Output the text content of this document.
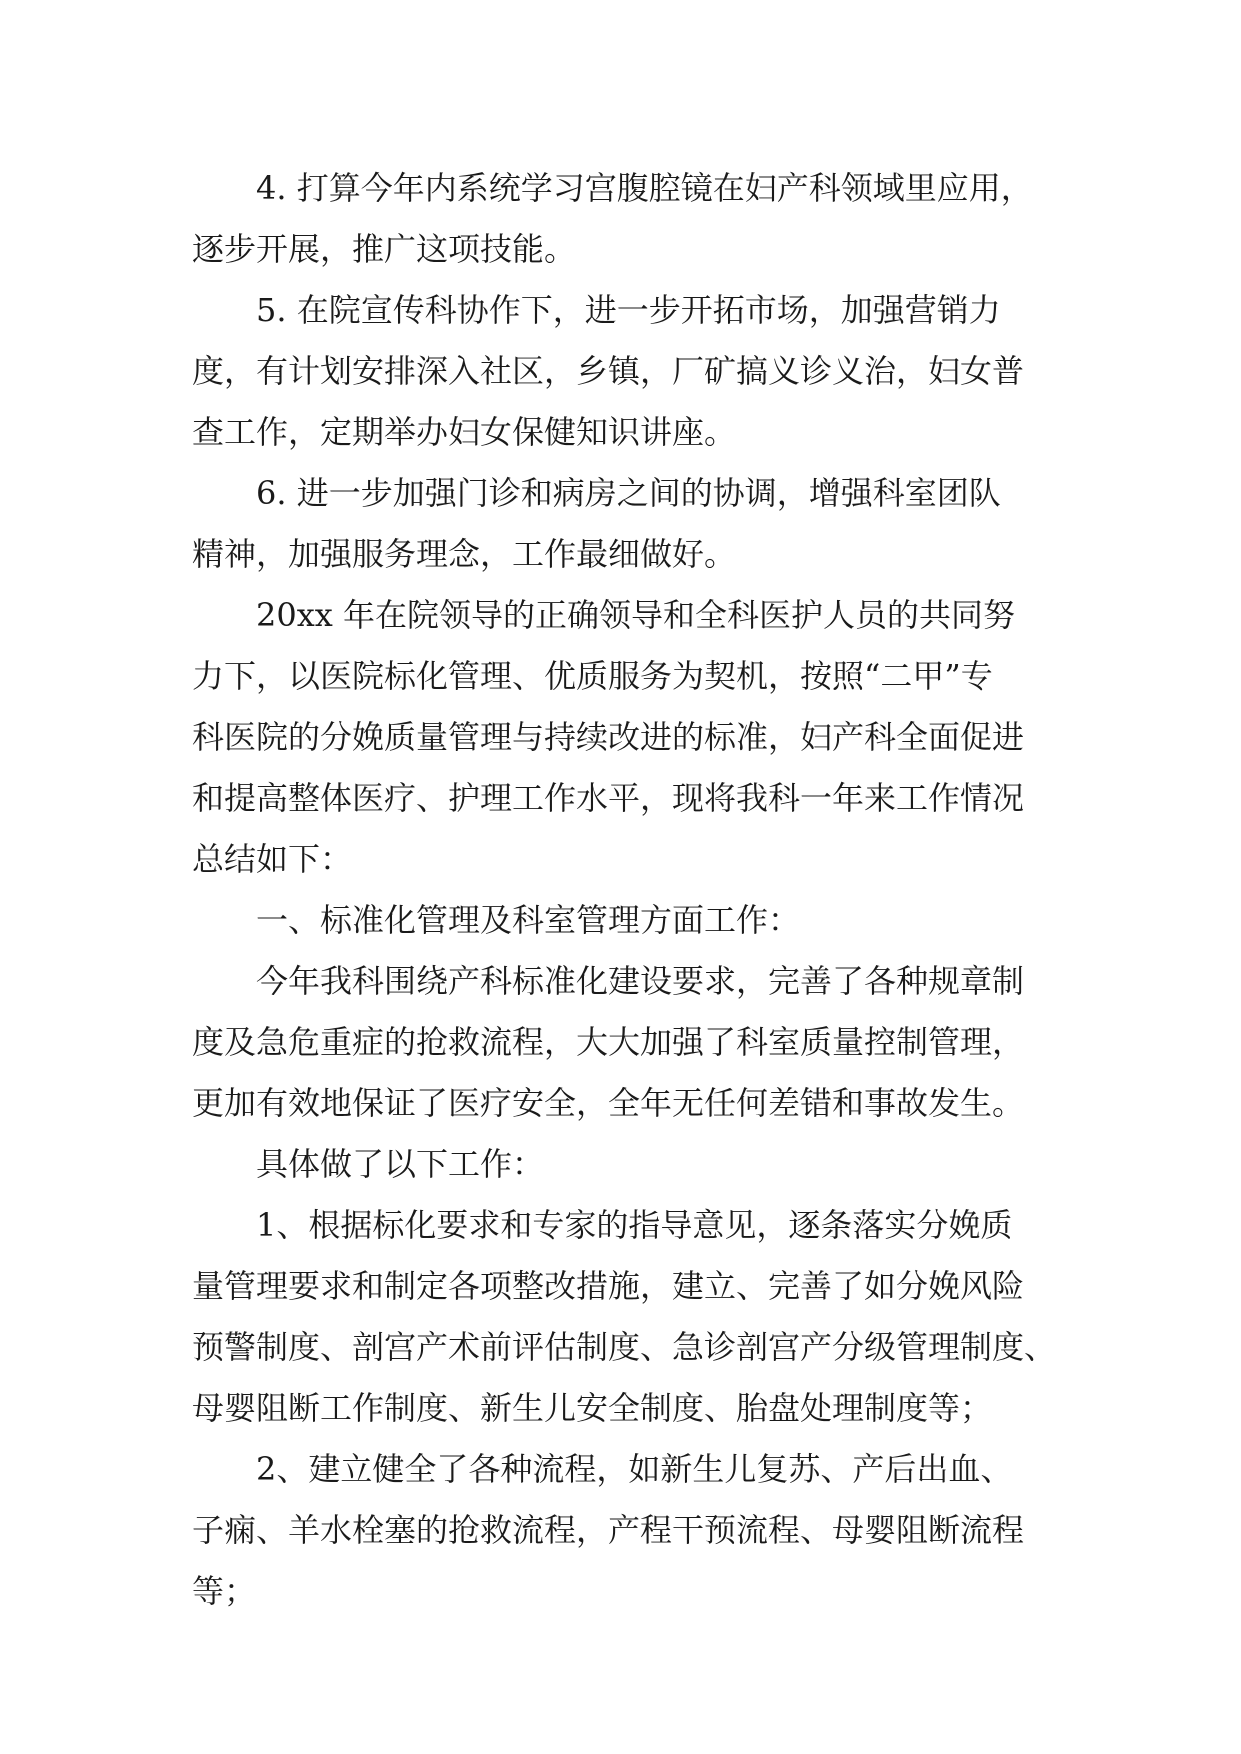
4. 打算今年内系统学习宫腹腔镜在妇产科领域里应用，
逐步开展，推广这项技能。
5. 在院宣传科协作下，进一步开拓市场，加强营销力
度，有计划安排深入社区，乡镇，厂矿搞义诊义治，妇女普
查工作，定期举办妇女保健知识讲座。
6. 进一步加强门诊和病房之间的协调，增强科室团队
精神，加强服务理念，工作最细做好。
20xx 年在院领导的正确领导和全科医护人员的共同努
力下，以医院标化管理、优质服务为契机，按照“二甲”专
科医院的分娩质量管理与持续改进的标准，妇产科全面促进
和提高整体医疗、护理工作水平，现将我科一年来工作情况
总结如下：
一、标准化管理及科室管理方面工作：
今年我科围绕产科标准化建设要求，完善了各种规章制
度及急危重症的抢救流程，大大加强了科室质量控制管理，
更加有效地保证了医疗安全，全年无任何差错和事故发生。
具体做了以下工作：
1、根据标化要求和专家的指导意见，逐条落实分娩质
量管理要求和制定各项整改措施，建立、完善了如分娩风险
预警制度、剖宫产术前评估制度、急诊剖宫产分级管理制度、
母婴阻断工作制度、新生儿安全制度、胎盘处理制度等；
2、建立健全了各种流程，如新生儿复苏、产后出血、
子痫、羊水栓塞的抢救流程，产程干预流程、母婴阻断流程
等；
